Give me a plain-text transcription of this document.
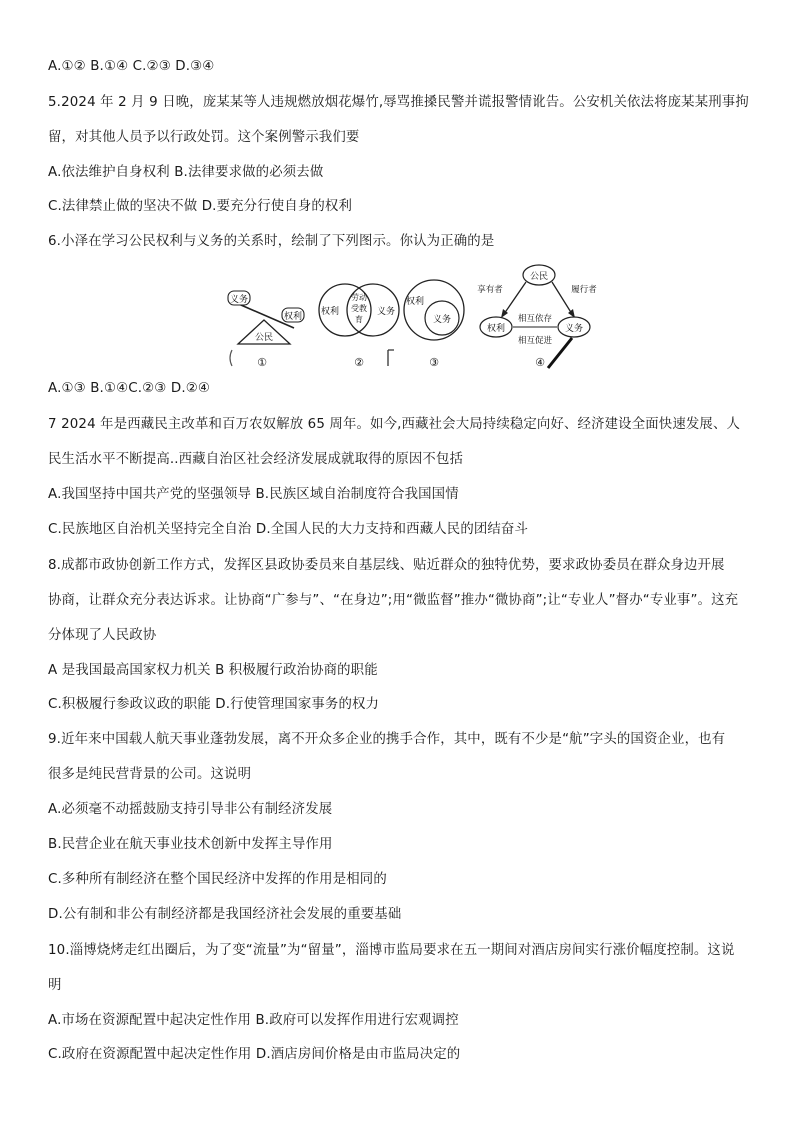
A.①② B.①④ C.②③ D.③④
5.2024 年 2 月 9 日晚，庞某某等人违规燃放烟花爆竹,辱骂推搡民警并谎报警情讹告。公安机关依法将庞某某刑事拘
留，对其他人员予以行政处罚。这个案例警示我们要
A.依法维护自身权利 B.法律要求做的必须去做
C.法律禁止做的坚决不做 D.要充分行使自身的权利
6.小泽在学习公民权利与义务的关系时，绘制了下列图示。你认为正确的是
义务
权利
公民
①
权利
劳动
受教
育
义务
②
权利
义务
③
公民
享有者	履行者
权利	义务
相互依存
相互促进
④
A.①③ B.①④C.②③ D.②④
7 2024 年是西藏民主改革和百万农奴解放 65 周年。如今,西藏社会大局持续稳定向好、经济建设全面快速发展、人
民生活水平不断提高..西藏自治区社会经济发展成就取得的原因不包括
A.我国坚持中国共产党的坚强领导 B.民族区域自治制度符合我国国情
C.民族地区自治机关坚持完全自治 D.全国人民的大力支持和西藏人民的团结奋斗
8.成都市政协创新工作方式，发挥区县政协委员来自基层线、贴近群众的独特优势，要求政协委员在群众身边开展
协商，让群众充分表达诉求。让协商“广参与”、“在身边”;用“微监督”推办“微协商”;让“专业人”督办“专业事”。这充
分体现了人民政协
A 是我国最高国家权力机关 B 积极履行政治协商的职能
C.积极履行参政议政的职能 D.行使管理国家事务的权力
9.近年来中国载人航天事业蓬勃发展，离不开众多企业的携手合作，其中，既有不少是“航”字头的国资企业，也有
很多是纯民营背景的公司。这说明
A.必须毫不动摇鼓励支持引导非公有制经济发展
B.民营企业在航天事业技术创新中发挥主导作用
C.多种所有制经济在整个国民经济中发挥的作用是相同的
D.公有制和非公有制经济都是我国经济社会发展的重要基础
10.淄博烧烤走红出圈后，为了变“流量”为“留量”，淄博市监局要求在五一期间对酒店房间实行涨价幅度控制。这说
明
A.市场在资源配置中起决定性作用 B.政府可以发挥作用进行宏观调控
C.政府在资源配置中起决定性作用 D.酒店房间价格是由市监局决定的
